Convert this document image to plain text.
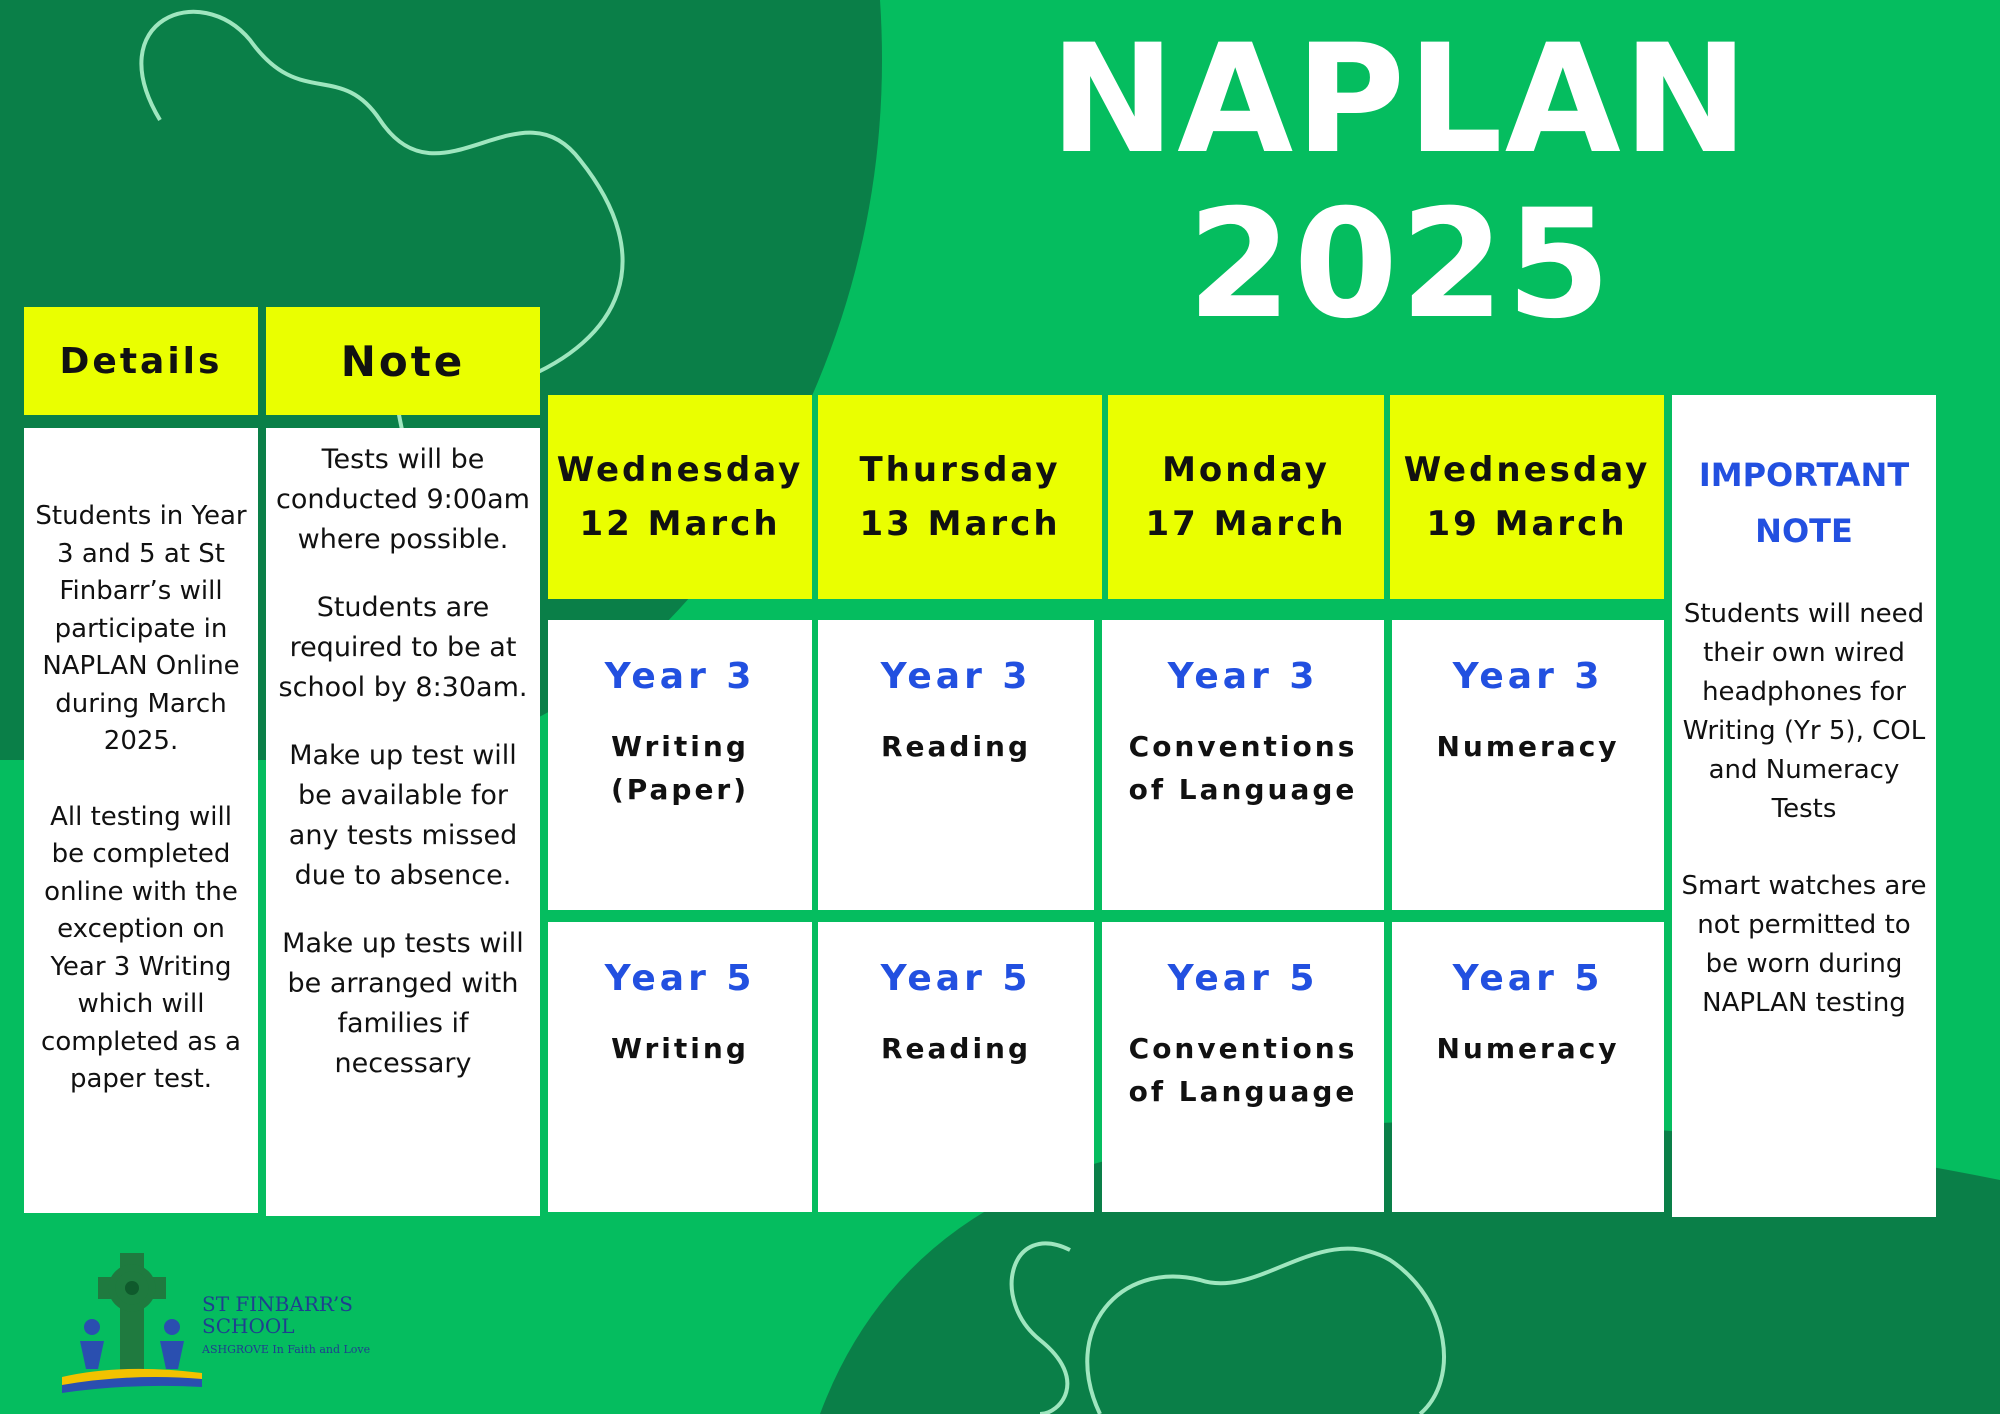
NAPLAN
2025
Details

Students in Year 3 and 5 at St Finbarr’s will participate in NAPLAN Online during March 2025.

All testing will be completed online with the exception on Year 3 Writing which will completed as a paper test.

Note

Tests will be conducted 9:00am where possible.

Students are required to be at school by 8:30am.

Make up test will be available for any tests missed due to absence.

Make up tests will be arranged with families if necessary

Wednesday
12 March
Thursday
13 March
Monday
17 March
Wednesday
19 March
Year 3
Writing
(Paper)
Year 3
Reading
Year 3
Conventions
of Language
Year 3
Numeracy
Year 5
Writing
Year 5
Reading
Year 5
Conventions
of Language
Year 5
Numeracy
IMPORTANT
NOTE

Students will need their own wired headphones for Writing (Yr 5), COL and Numeracy Tests

Smart watches are not permitted to be worn during NAPLAN testing

ST FINBARR’S
SCHOOL
ASHGROVE In Faith and Love
